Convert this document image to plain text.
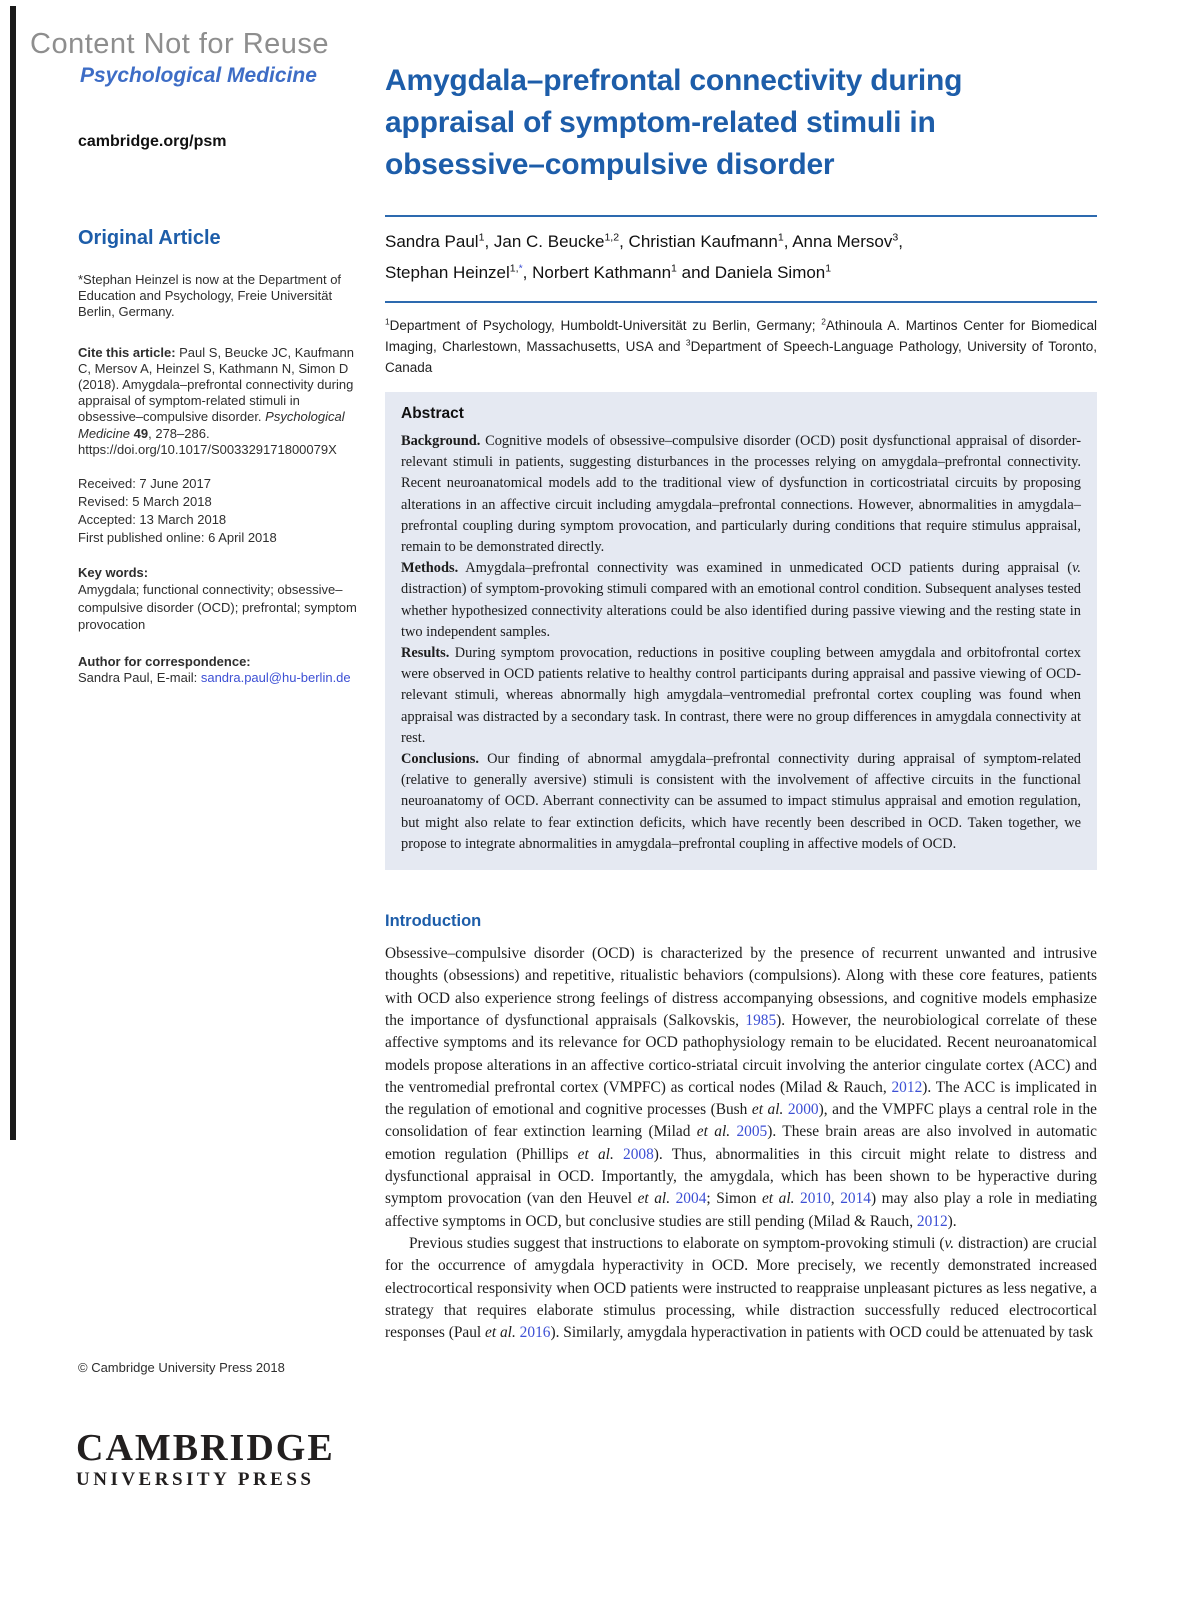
Content Not for Reuse
Psychological Medicine
cambridge.org/psm
Original Article

*Stephan Heinzel is now at the Department of Education and Psychology, Freie Universität Berlin, Germany.

Cite this article: Paul S, Beucke JC, Kaufmann C, Mersov A, Heinzel S, Kathmann N, Simon D (2018). Amygdala–prefrontal connectivity during appraisal of symptom-related stimuli in obsessive–compulsive disorder. Psychological Medicine 49, 278–286. https://doi.org/10.1017/S003329171800079X

Received: 7 June 2017

Revised: 5 March 2018

Accepted: 13 March 2018

First published online: 6 April 2018

Key words:

Amygdala; functional connectivity; obsessive–compulsive disorder (OCD); prefrontal; symptom provocation

Author for correspondence:

Sandra Paul, E-mail: sandra.paul@hu-berlin.de

© Cambridge University Press 2018

CAMBRIDGE
UNIVERSITY PRESS
Amygdala–prefrontal connectivity during appraisal of symptom-related stimuli in obsessive–compulsive disorder

Sandra Paul$^1$, Jan C. Beucke$^{1,2}$, Christian Kaufmann$^1$, Anna Mersov$^3$,

Stephan Heinzel$^{1,*}$, Norbert Kathmann$^1$ and Daniela Simon$^1$

$^1$Department of Psychology, Humboldt-Universität zu Berlin, Germany; $^2$Athinoula A. Martinos Center for Biomedical Imaging, Charlestown, Massachusetts, USA and $^3$Department of Speech-Language Pathology, University of Toronto, Canada

Abstract

Background. Cognitive models of obsessive–compulsive disorder (OCD) posit dysfunctional appraisal of disorder-relevant stimuli in patients, suggesting disturbances in the processes relying on amygdala–prefrontal connectivity. Recent neuroanatomical models add to the traditional view of dysfunction in corticostriatal circuits by proposing alterations in an affective circuit including amygdala–prefrontal connections. However, abnormalities in amygdala–prefrontal coupling during symptom provocation, and particularly during conditions that require stimulus appraisal, remain to be demonstrated directly.

Methods. Amygdala–prefrontal connectivity was examined in unmedicated OCD patients during appraisal (v. distraction) of symptom-provoking stimuli compared with an emotional control condition. Subsequent analyses tested whether hypothesized connectivity alterations could be also identified during passive viewing and the resting state in two independent samples.

Results. During symptom provocation, reductions in positive coupling between amygdala and orbitofrontal cortex were observed in OCD patients relative to healthy control participants during appraisal and passive viewing of OCD-relevant stimuli, whereas abnormally high amygdala–ventromedial prefrontal cortex coupling was found when appraisal was distracted by a secondary task. In contrast, there were no group differences in amygdala connectivity at rest.

Conclusions. Our finding of abnormal amygdala–prefrontal connectivity during appraisal of symptom-related (relative to generally aversive) stimuli is consistent with the involvement of affective circuits in the functional neuroanatomy of OCD. Aberrant connectivity can be assumed to impact stimulus appraisal and emotion regulation, but might also relate to fear extinction deficits, which have recently been described in OCD. Taken together, we propose to integrate abnormalities in amygdala–prefrontal coupling in affective models of OCD.

Introduction

Obsessive–compulsive disorder (OCD) is characterized by the presence of recurrent unwanted and intrusive thoughts (obsessions) and repetitive, ritualistic behaviors (compulsions). Along with these core features, patients with OCD also experience strong feelings of distress accompanying obsessions, and cognitive models emphasize the importance of dysfunctional appraisals (Salkovskis, 1985). However, the neurobiological correlate of these affective symptoms and its relevance for OCD pathophysiology remain to be elucidated. Recent neuroanatomical models propose alterations in an affective cortico-striatal circuit involving the anterior cingulate cortex (ACC) and the ventromedial prefrontal cortex (VMPFC) as cortical nodes (Milad & Rauch, 2012). The ACC is implicated in the regulation of emotional and cognitive processes (Bush et al. 2000), and the VMPFC plays a central role in the consolidation of fear extinction learning (Milad et al. 2005). These brain areas are also involved in automatic emotion regulation (Phillips et al. 2008). Thus, abnormalities in this circuit might relate to distress and dysfunctional appraisal in OCD. Importantly, the amygdala, which has been shown to be hyperactive during symptom provocation (van den Heuvel et al. 2004; Simon et al. 2010, 2014) may also play a role in mediating affective symptoms in OCD, but conclusive studies are still pending (Milad & Rauch, 2012).

Previous studies suggest that instructions to elaborate on symptom-provoking stimuli (v. distraction) are crucial for the occurrence of amygdala hyperactivity in OCD. More precisely, we recently demonstrated increased electrocortical responsivity when OCD patients were instructed to reappraise unpleasant pictures as less negative, a strategy that requires elaborate stimulus processing, while distraction successfully reduced electrocortical responses (Paul et al. 2016). Similarly, amygdala hyperactivation in patients with OCD could be attenuated by task
